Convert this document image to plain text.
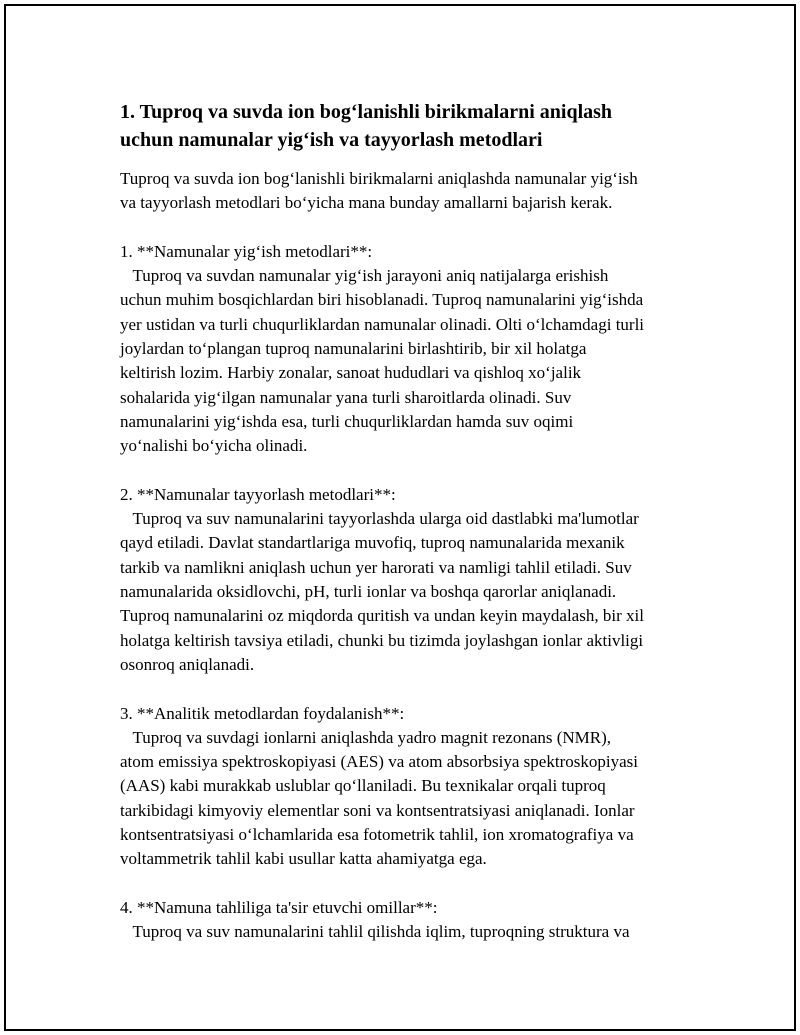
1. Tuproq va suvda ion bog‘lanishli birikmalarni aniqlash
uchun namunalar yig‘ish va tayyorlash metodlari

Tuproq va suvda ion bog‘lanishli birikmalarni aniqlashda namunalar yig‘ish

va tayyorlash metodlari bo‘yicha mana bunday amallarni bajarish kerak.

1. **Namunalar yig‘ish metodlari**:

Tuproq va suvdan namunalar yig‘ish jarayoni aniq natijalarga erishish

uchun muhim bosqichlardan biri hisoblanadi. Tuproq namunalarini yig‘ishda

yer ustidan va turli chuqurliklardan namunalar olinadi. Olti o‘lchamdagi turli

joylardan to‘plangan tuproq namunalarini birlashtirib, bir xil holatga

keltirish lozim. Harbiy zonalar, sanoat hududlari va qishloq xo‘jalik

sohalarida yig‘ilgan namunalar yana turli sharoitlarda olinadi. Suv

namunalarini yig‘ishda esa, turli chuqurliklardan hamda suv oqimi

yo‘nalishi bo‘yicha olinadi.

2. **Namunalar tayyorlash metodlari**:

Tuproq va suv namunalarini tayyorlashda ularga oid dastlabki ma'lumotlar

qayd etiladi. Davlat standartlariga muvofiq, tuproq namunalarida mexanik

tarkib va namlikni aniqlash uchun yer harorati va namligi tahlil etiladi. Suv

namunalarida oksidlovchi, pH, turli ionlar va boshqa qarorlar aniqlanadi.

Tuproq namunalarini oz miqdorda quritish va undan keyin maydalash, bir xil

holatga keltirish tavsiya etiladi, chunki bu tizimda joylashgan ionlar aktivligi

osonroq aniqlanadi.

3. **Analitik metodlardan foydalanish**:

Tuproq va suvdagi ionlarni aniqlashda yadro magnit rezonans (NMR),

atom emissiya spektroskopiyasi (AES) va atom absorbsiya spektroskopiyasi

(AAS) kabi murakkab uslublar qo‘llaniladi. Bu texnikalar orqali tuproq

tarkibidagi kimyoviy elementlar soni va kontsentratsiyasi aniqlanadi. Ionlar

kontsentratsiyasi o‘lchamlarida esa fotometrik tahlil, ion xromatografiya va

voltammetrik tahlil kabi usullar katta ahamiyatga ega.

4. **Namuna tahliliga ta'sir etuvchi omillar**:

Tuproq va suv namunalarini tahlil qilishda iqlim, tuproqning struktura va
